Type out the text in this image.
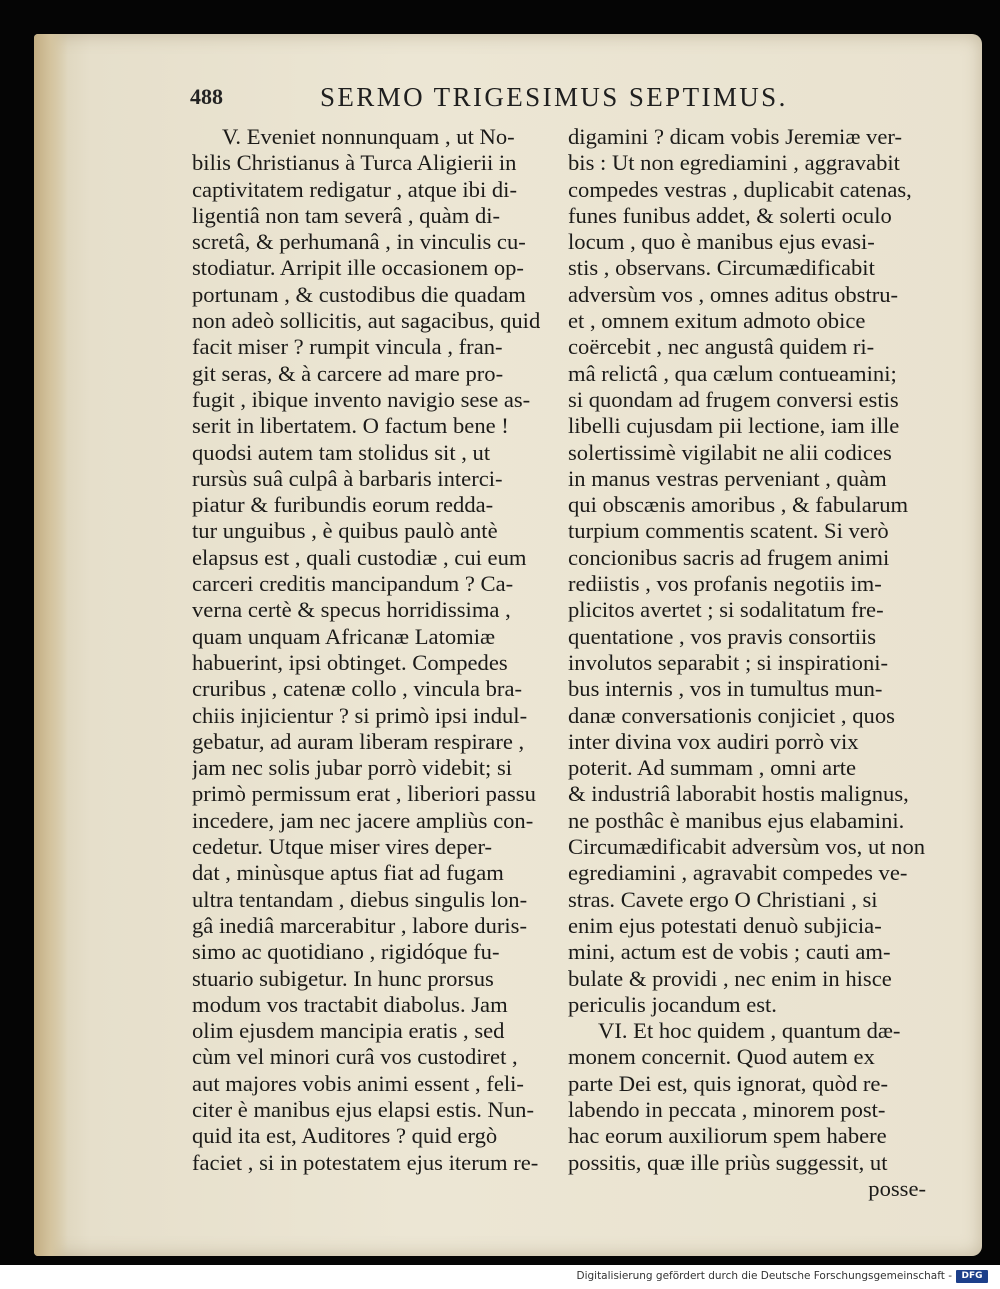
488	SERMO TRIGESIMUS SEPTIMUS.
V. Eveniet nonnunquam , ut No-
bilis Christianus à Turca Aligierii in
captivitatem redigatur , atque ibi di-
ligentiâ non tam severâ , quàm di-
scretâ, & perhumanâ , in vinculis cu-
stodiatur. Arripit ille occasionem op-
portunam , & custodibus die quadam
non adeò sollicitis, aut sagacibus, quid
facit miser ? rumpit vincula , fran-
git seras, & à carcere ad mare pro-
fugit , ibique invento navigio sese as-
serit in libertatem. O factum bene !
quodsi autem tam stolidus sit , ut
rursùs suâ culpâ à barbaris interci-
piatur & furibundis eorum redda-
tur unguibus , è quibus paulò antè
elapsus est , quali custodiæ , cui eum
carceri creditis mancipandum ? Ca-
verna certè & specus horridissima ,
quam unquam Africanæ Latomiæ
habuerint, ipsi obtinget. Compedes
cruribus , catenæ collo , vincula bra-
chiis injicientur ? si primò ipsi indul-
gebatur, ad auram liberam respirare ,
jam nec solis jubar porrò videbit; si
primò permissum erat , liberiori passu
incedere, jam nec jacere ampliùs con-
cedetur. Utque miser vires deper-
dat , minùsque aptus fiat ad fugam
ultra tentandam , diebus singulis lon-
gâ inediâ marcerabitur , labore duris-
simo ac quotidiano , rigidóque fu-
stuario subigetur. In hunc prorsus
modum vos tractabit diabolus. Jam
olim ejusdem mancipia eratis , sed
cùm vel minori curâ vos custodiret ,
aut majores vobis animi essent , feli-
citer è manibus ejus elapsi estis. Nun-
quid ita est, Auditores ? quid ergò
faciet , si in potestatem ejus iterum re-
digamini ? dicam vobis Jeremiæ ver-
bis : Ut non egrediamini , aggravabit
compedes vestras , duplicabit catenas,
funes funibus addet, & solerti oculo
locum , quo è manibus ejus evasi-
stis , observans. Circumædificabit
adversùm vos , omnes aditus obstru-
et , omnem exitum admoto obice
coërcebit , nec angustâ quidem ri-
mâ relictâ , qua cælum contueamini;
si quondam ad frugem conversi estis
libelli cujusdam pii lectione, iam ille
solertissimè vigilabit ne alii codices
in manus vestras perveniant , quàm
qui obscænis amoribus , & fabularum
turpium commentis scatent. Si verò
concionibus sacris ad frugem animi
rediistis , vos profanis negotiis im-
plicitos avertet ; si sodalitatum fre-
quentatione , vos pravis consortiis
involutos separabit ; si inspirationi-
bus internis , vos in tumultus mun-
danæ conversationis conjiciet , quos
inter divina vox audiri porrò vix
poterit. Ad summam , omni arte
& industriâ laborabit hostis malignus,
ne posthâc è manibus ejus elabamini.
Circumædificabit adversùm vos, ut non
egrediamini , agravabit compedes ve-
stras. Cavete ergo O Christiani , si
enim ejus potestati denuò subjicia-
mini, actum est de vobis ; cauti am-
bulate & providi , nec enim in hisce
periculis jocandum est.
VI. Et hoc quidem , quantum dæ-
monem concernit. Quod autem ex
parte Dei est, quis ignorat, quòd re-
labendo in peccata , minorem post-
hac eorum auxiliorum spem habere
possitis, quæ ille priùs suggessit, ut
posse-
Digitalisierung gefördert durch die Deutsche Forschungsgemeinschaft -	DFG
